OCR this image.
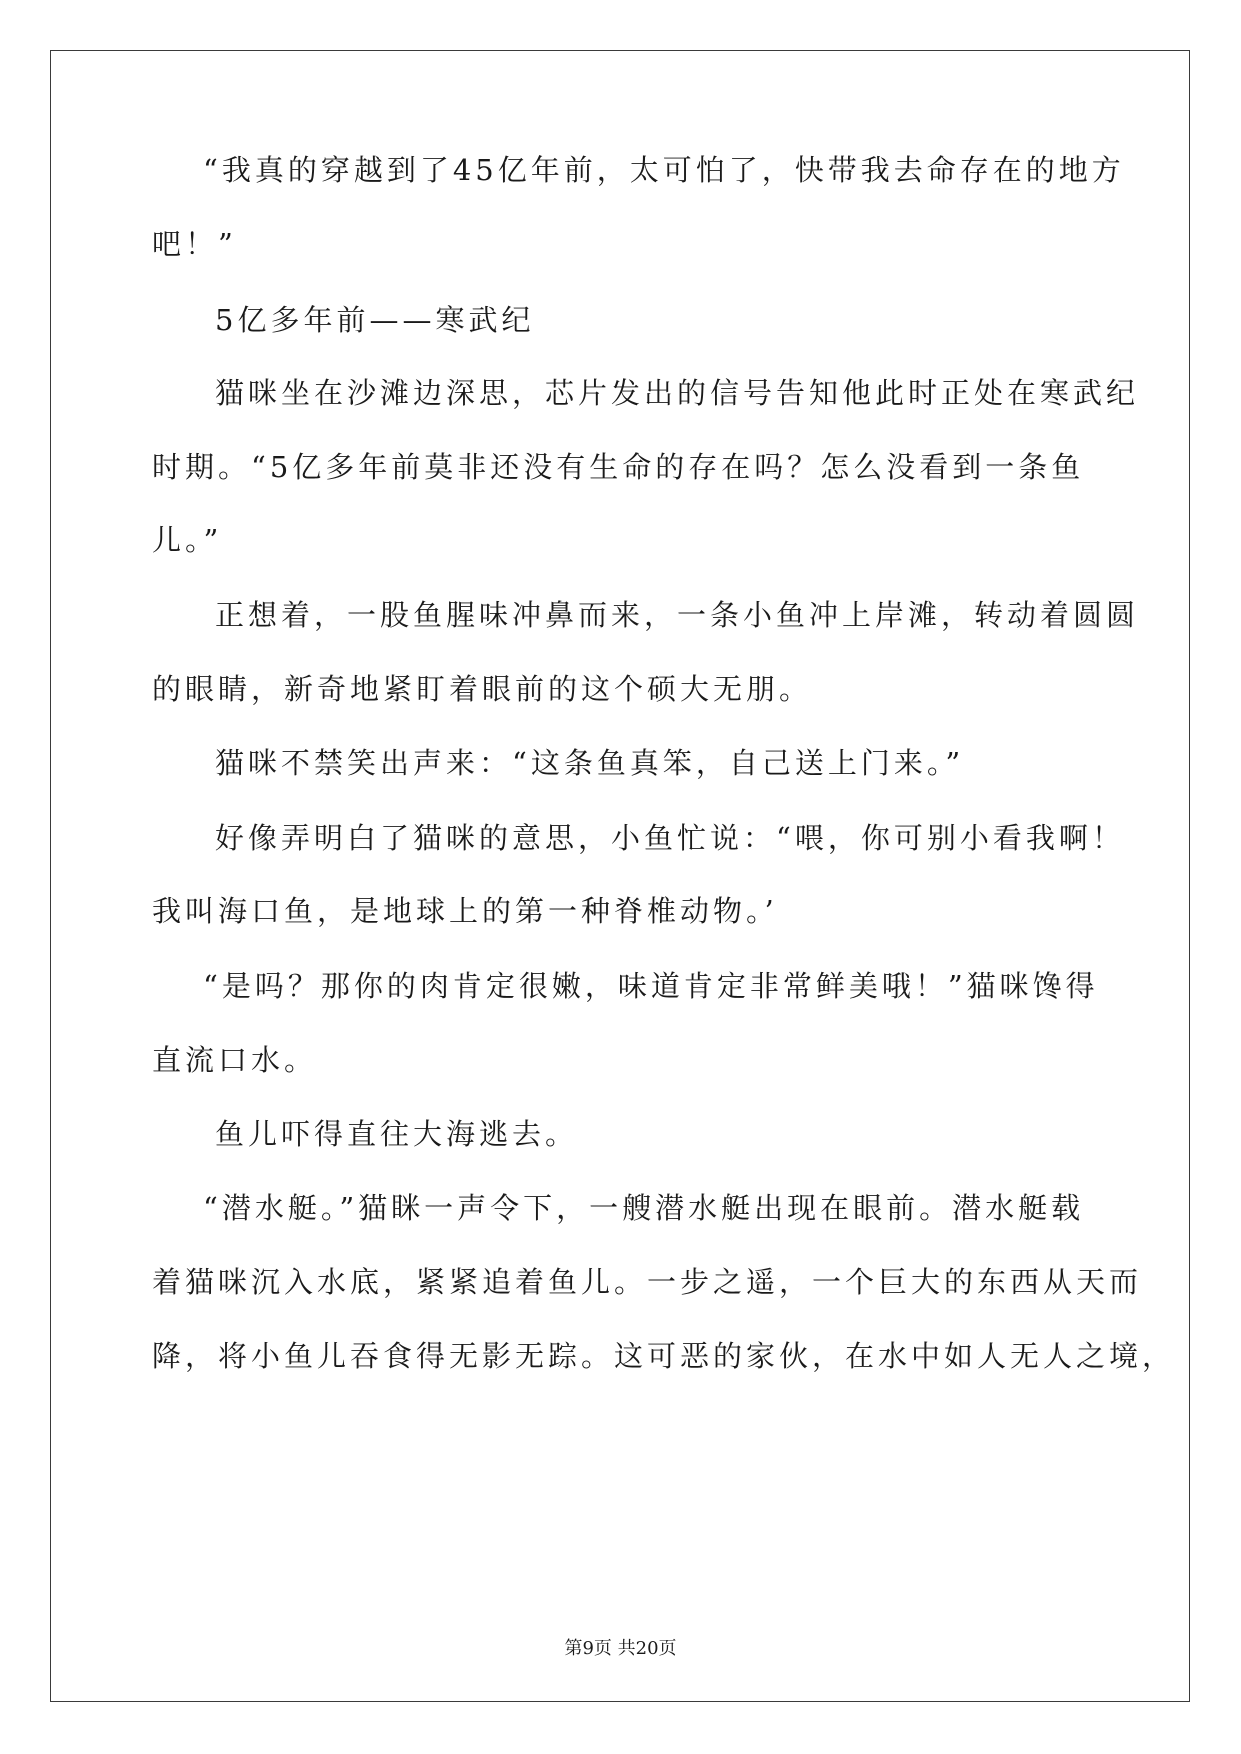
“我真的穿越到了45亿年前，太可怕了，快带我去命存在的地方
吧！”
5亿多年前——寒武纪
猫咪坐在沙滩边深思，芯片发出的信号告知他此时正处在寒武纪
时期。“5亿多年前莫非还没有生命的存在吗？怎么没看到一条鱼
儿。”
正想着，一股鱼腥味冲鼻而来，一条小鱼冲上岸滩，转动着圆圆
的眼睛，新奇地紧盯着眼前的这个硕大无朋。
猫咪不禁笑出声来：“这条鱼真笨，自己送上门来。”
好像弄明白了猫咪的意思，小鱼忙说：“喂，你可别小看我啊！
我叫海口鱼，是地球上的第一种脊椎动物。’
“是吗？那你的肉肯定很嫩，味道肯定非常鲜美哦！”猫咪馋得
直流口水。
鱼儿吓得直往大海逃去。
“潜水艇。”猫眯一声令下，一艘潜水艇出现在眼前。潜水艇载
着猫咪沉入水底，紧紧追着鱼儿。一步之遥，一个巨大的东西从天而
降，将小鱼儿吞食得无影无踪。这可恶的家伙，在水中如人无人之境，
第9页 共20页
